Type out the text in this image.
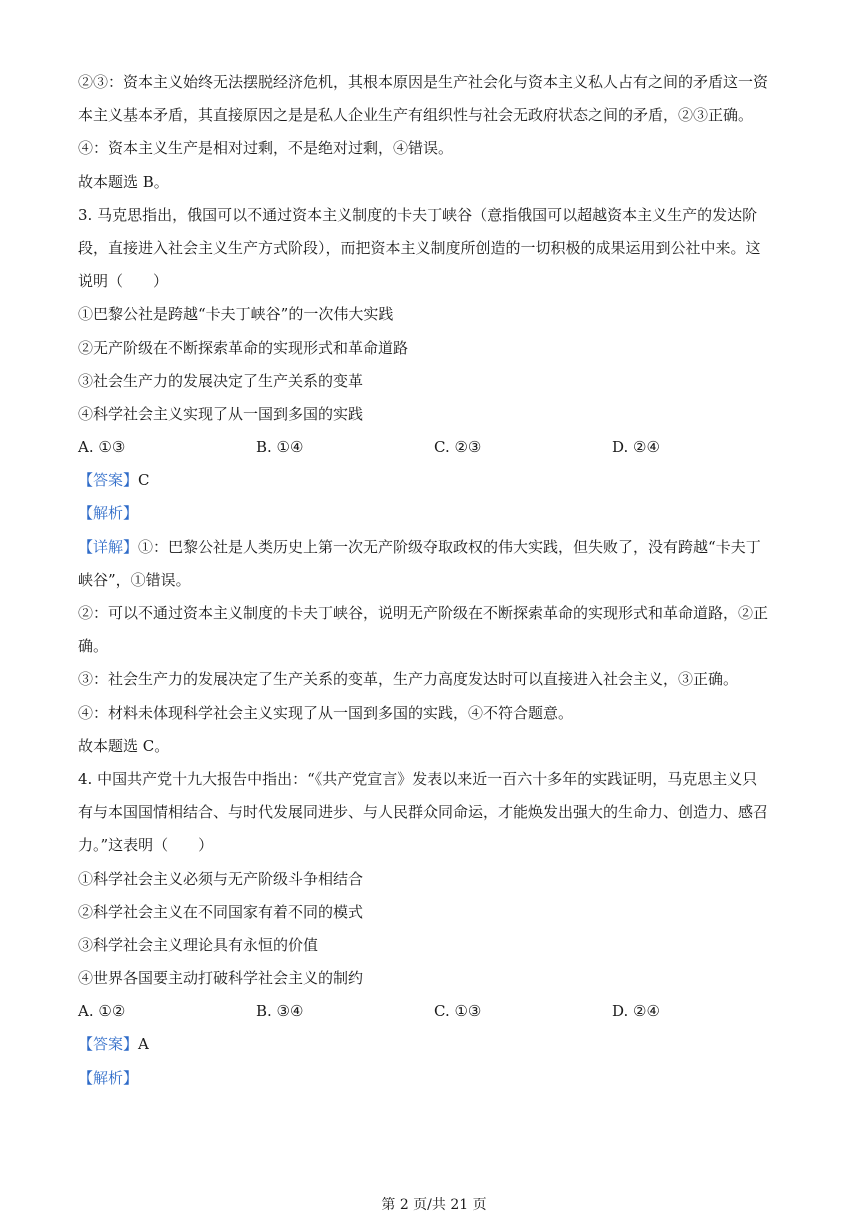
②③：资本主义始终无法摆脱经济危机，其根本原因是生产社会化与资本主义私人占有之间的矛盾这一资
本主义基本矛盾，其直接原因之是是私人企业生产有组织性与社会无政府状态之间的矛盾，②③正确。
④：资本主义生产是相对过剩，不是绝对过剩，④错误。
故本题选 B。
3. 马克思指出，俄国可以不通过资本主义制度的卡夫丁峡谷（意指俄国可以超越资本主义生产的发达阶
段，直接进入社会主义生产方式阶段），而把资本主义制度所创造的一切积极的成果运用到公社中来。这
说明（　　）
①巴黎公社是跨越“卡夫丁峡谷”的一次伟大实践
②无产阶级在不断探索革命的实现形式和革命道路
③社会生产力的发展决定了生产关系的变革
④科学社会主义实现了从一国到多国的实践
A. ①③	B. ①④	C. ②③	D. ②④
【答案】C
【解析】
【详解】①：巴黎公社是人类历史上第一次无产阶级夺取政权的伟大实践，但失败了，没有跨越“卡夫丁
峡谷”，①错误。
②：可以不通过资本主义制度的卡夫丁峡谷，说明无产阶级在不断探索革命的实现形式和革命道路，②正
确。
③：社会生产力的发展决定了生产关系的变革，生产力高度发达时可以直接进入社会主义，③正确。
④：材料未体现科学社会主义实现了从一国到多国的实践，④不符合题意。
故本题选 C。
4. 中国共产党十九大报告中指出：“《共产党宣言》发表以来近一百六十多年的实践证明，马克思主义只
有与本国国情相结合、与时代发展同进步、与人民群众同命运，才能焕发出强大的生命力、创造力、感召
力。”这表明（　　）
①科学社会主义必须与无产阶级斗争相结合
②科学社会主义在不同国家有着不同的模式
③科学社会主义理论具有永恒的价值
④世界各国要主动打破科学社会主义的制约
A. ①②	B. ③④	C. ①③	D. ②④
【答案】A
【解析】
第 2 页/共 21 页
